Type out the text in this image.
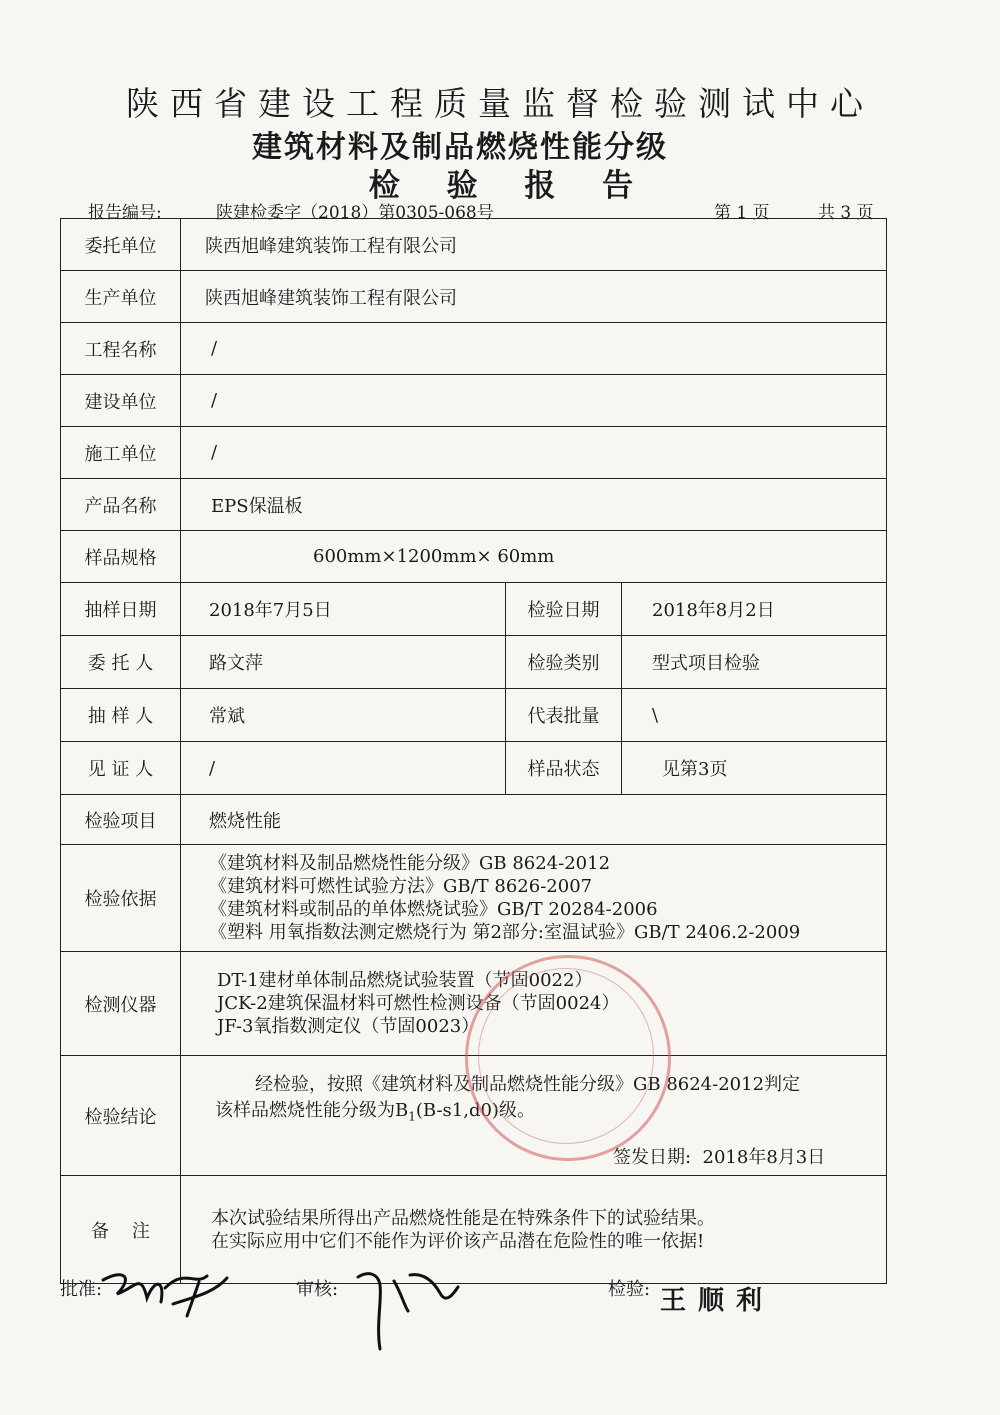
陕西省建设工程质量监督检验测试中心
建筑材料及制品燃烧性能分级
检 验 报 告
报告编号:	陕建检委字（2018）第0305-068号	第 1 页	共 3 页
委托单位	陕西旭峰建筑装饰工程有限公司		
生产单位	陕西旭峰建筑装饰工程有限公司		
工程名称	/		
建设单位	/		
施工单位	/		
产品名称	EPS保温板		
样品规格	600mm×1200mm× 60mm		
抽样日期	2018年7月5日	检验日期	2018年8月2日
委 托 人	路文萍	检验类别	型式项目检验
抽 样 人	常斌	代表批量	\
见 证 人	/	样品状态	见第3页
检验项目	燃烧性能		
检验依据	《建筑材料及制品燃烧性能分级》GB 8624-2012
《建筑材料可燃性试验方法》GB/T 8626-2007
《建筑材料或制品的单体燃烧试验》GB/T 20284-2006
《塑料 用氧指数法测定燃烧行为 第2部分:室温试验》GB/T 2406.2-2009		

检测仪器	DT-1建材单体制品燃烧试验装置（节固0022）
JCK-2建筑保温材料可燃性检测设备（节固0024）
JF-3氧指数测定仪（节固0023）		

检验结论	经检验，按照《建筑材料及制品燃烧性能分级》GB 8624-2012判定
该样品燃烧性能分级为$B_1(B-s1,d0)$级。
签发日期: 2018年8月3日		

备    注	本次试验结果所得出产品燃烧性能是在特殊条件下的试验结果。
在实际应用中它们不能作为评价该产品潜在危险性的唯一依据!		
批准:	审核:	检验: 王顺利
